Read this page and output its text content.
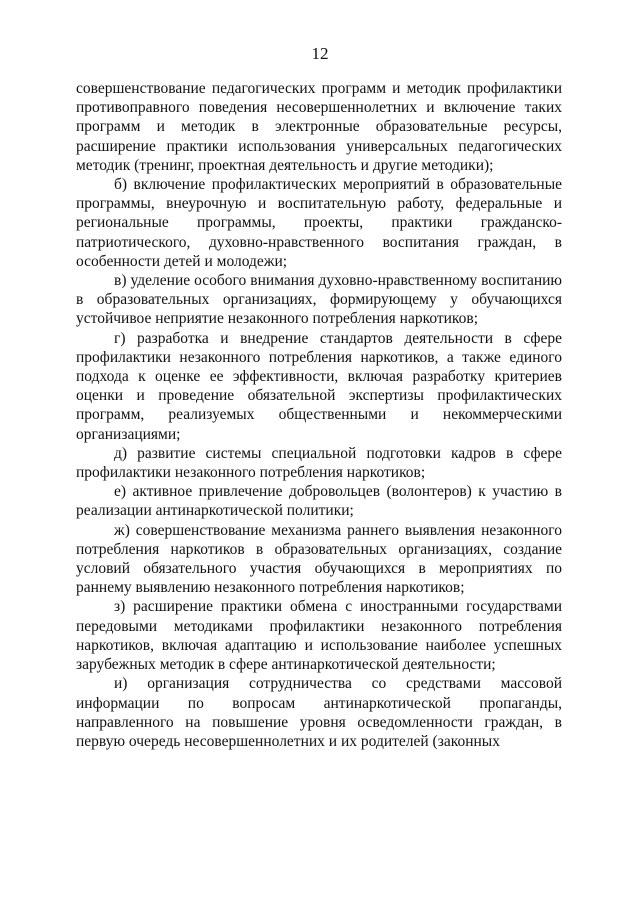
12

совершенствование педагогических программ и методик профилактики противоправного поведения несовершеннолетних и включение таких программ и методик в электронные образовательные ресурсы, расширение практики использования универсальных педагогических методик (тренинг, проектная деятельность и другие методики);

б) включение профилактических мероприятий в образовательные программы, внеурочную и воспитательную работу, федеральные и региональные программы, проекты, практики гражданско-патриотического, духовно-нравственного воспитания граждан, в особенности детей и молодежи;

в) уделение особого внимания духовно-нравственному воспитанию в образовательных организациях, формирующему у обучающихся устойчивое неприятие незаконного потребления наркотиков;

г) разработка и внедрение стандартов деятельности в сфере профилактики незаконного потребления наркотиков, а также единого подхода к оценке ее эффективности, включая разработку критериев оценки и проведение обязательной экспертизы профилактических программ, реализуемых общественными и некоммерческими организациями;

д) развитие системы специальной подготовки кадров в сфере профилактики незаконного потребления наркотиков;

е) активное привлечение добровольцев (волонтеров) к участию в реализации антинаркотической политики;

ж) совершенствование механизма раннего выявления незаконного потребления наркотиков в образовательных организациях, создание условий обязательного участия обучающихся в мероприятиях по раннему выявлению незаконного потребления наркотиков;

з) расширение практики обмена с иностранными государствами передовыми методиками профилактики незаконного потребления наркотиков, включая адаптацию и использование наиболее успешных зарубежных методик в сфере антинаркотической деятельности;

и) организация сотрудничества со средствами массовой информации по вопросам антинаркотической пропаганды, направленного на повышение уровня осведомленности граждан, в первую очередь несовершеннолетних и их родителей (законных
